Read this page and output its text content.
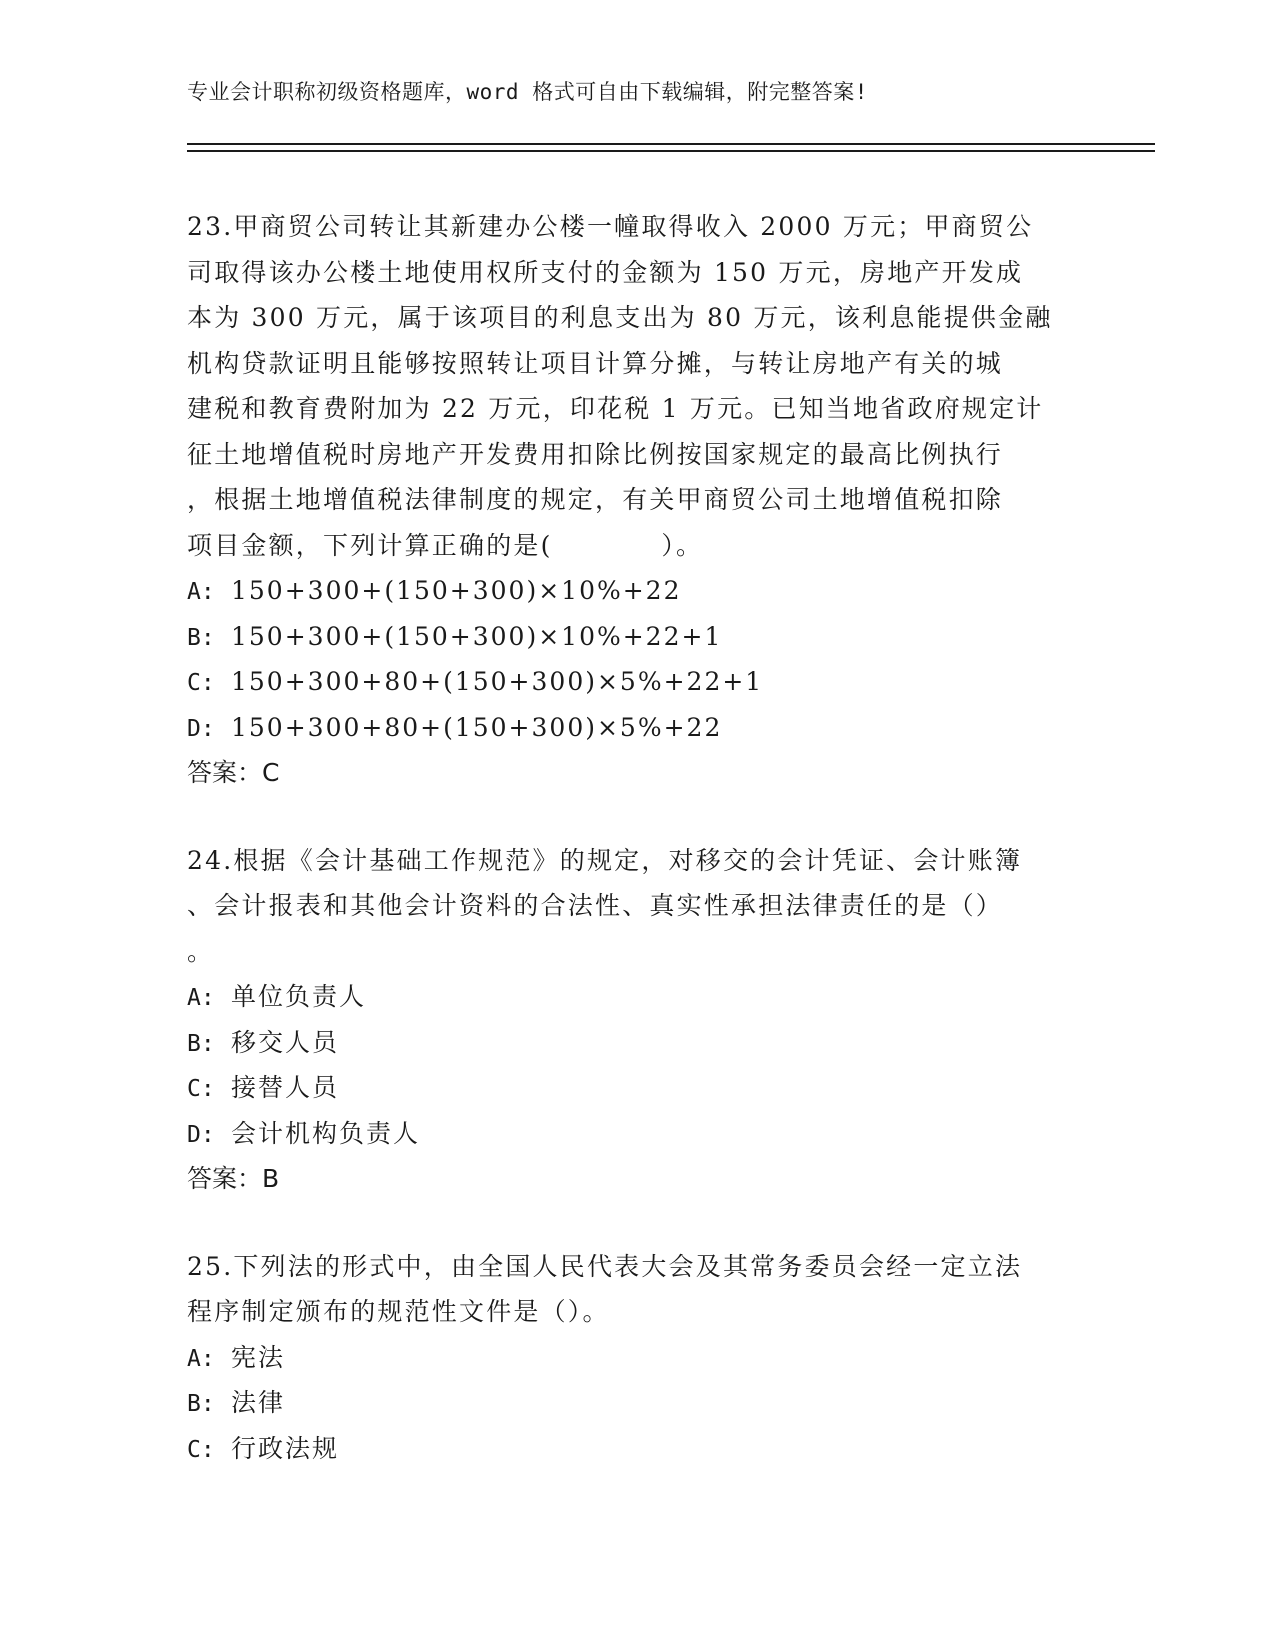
专业会计职称初级资格题库，word 格式可自由下载编辑，附完整答案!
23.甲商贸公司转让其新建办公楼一幢取得收入 2000 万元；甲商贸公
司取得该办公楼土地使用权所支付的金额为 150 万元，房地产开发成
本为 300 万元，属于该项目的利息支出为 80 万元，该利息能提供金融
机构贷款证明且能够按照转让项目计算分摊，与转让房地产有关的城
建税和教育费附加为 22 万元，印花税 1 万元。已知当地省政府规定计
征土地增值税时房地产开发费用扣除比例按国家规定的最高比例执行
，根据土地增值税法律制度的规定，有关甲商贸公司土地增值税扣除
项目金额，下列计算正确的是(　　　　）。
A: 150+300+(150+300)×10%+22
B: 150+300+(150+300)×10%+22+1
C: 150+300+80+(150+300)×5%+22+1
D: 150+300+80+(150+300)×5%+22
答案：C
24.根据《会计基础工作规范》的规定，对移交的会计凭证、会计账簿
、会计报表和其他会计资料的合法性、真实性承担法律责任的是（）
。
A: 单位负责人
B: 移交人员
C: 接替人员
D: 会计机构负责人
答案：B
25.下列法的形式中，由全国人民代表大会及其常务委员会经一定立法
程序制定颁布的规范性文件是（）。
A: 宪法
B: 法律
C: 行政法规
